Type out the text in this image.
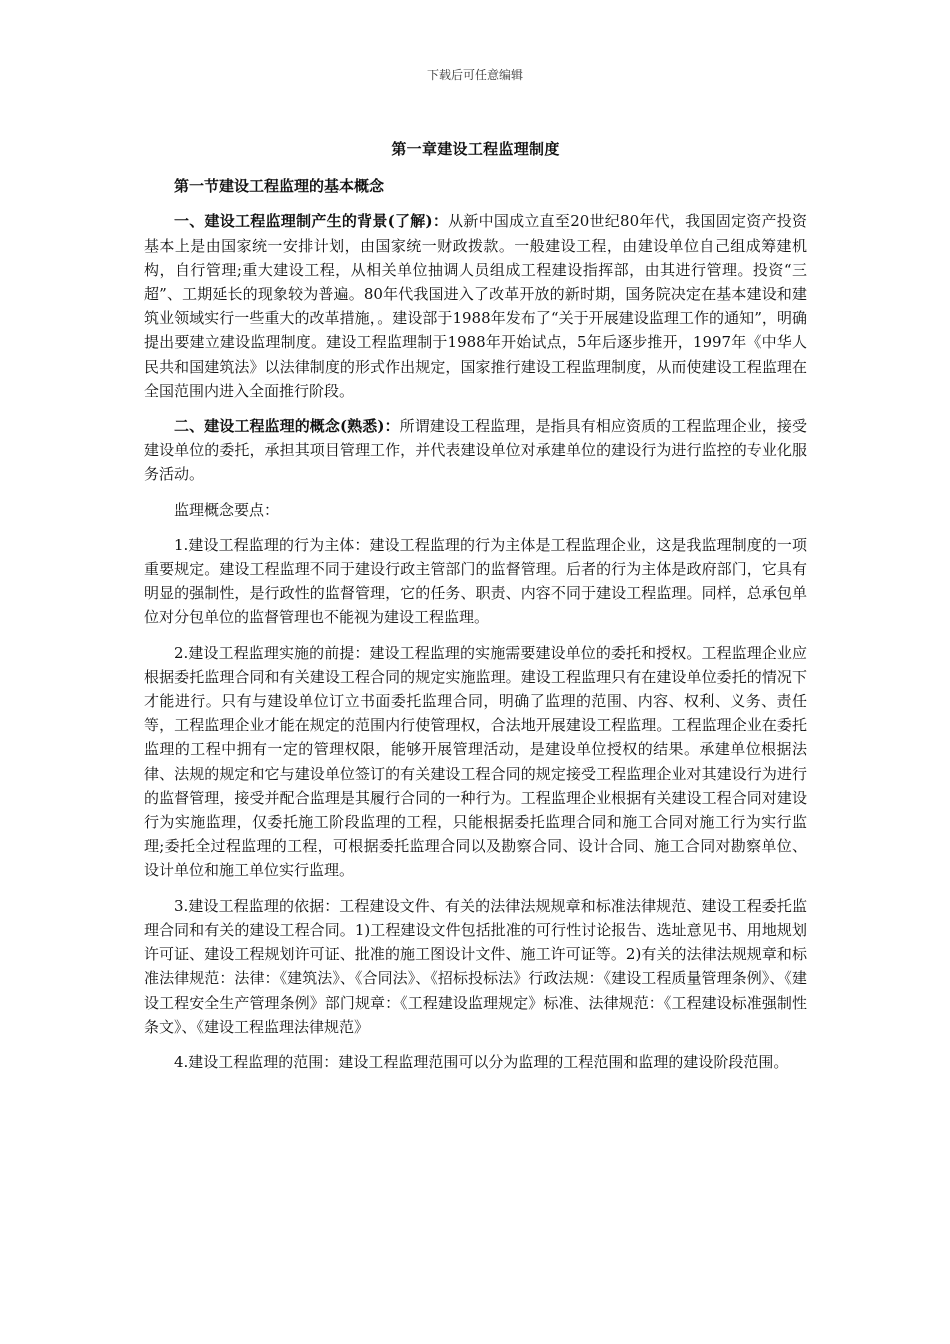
下载后可任意编辑
第一章建设工程监理制度
第一节建设工程监理的基本概念

一、建设工程监理制产生的背景(了解)：从新中国成立直至20世纪80年代，我国固定资产投资基本上是由国家统一安排计划，由国家统一财政拨款。一般建设工程，由建设单位自己组成筹建机构，自行管理;重大建设工程，从相关单位抽调人员组成工程建设指挥部，由其进行管理。投资“三超”、工期延长的现象较为普遍。80年代我国进入了改革开放的新时期，国务院决定在基本建设和建筑业领域实行一些重大的改革措施，。建设部于1988年发布了“关于开展建设监理工作的通知”，明确提出要建立建设监理制度。建设工程监理制于1988年开始试点，5年后逐步推开，1997年《中华人民共和国建筑法》以法律制度的形式作出规定，国家推行建设工程监理制度，从而使建设工程监理在全国范围内进入全面推行阶段。

二、建设工程监理的概念(熟悉)：所谓建设工程监理，是指具有相应资质的工程监理企业，接受建设单位的委托，承担其项目管理工作，并代表建设单位对承建单位的建设行为进行监控的专业化服务活动。

监理概念要点：

1.建设工程监理的行为主体：建设工程监理的行为主体是工程监理企业，这是我监理制度的一项重要规定。建设工程监理不同于建设行政主管部门的监督管理。后者的行为主体是政府部门，它具有明显的强制性，是行政性的监督管理，它的任务、职责、内容不同于建设工程监理。同样，总承包单位对分包单位的监督管理也不能视为建设工程监理。

2.建设工程监理实施的前提：建设工程监理的实施需要建设单位的委托和授权。工程监理企业应根据委托监理合同和有关建设工程合同的规定实施监理。建设工程监理只有在建设单位委托的情况下才能进行。只有与建设单位订立书面委托监理合同，明确了监理的范围、内容、权利、义务、责任等，工程监理企业才能在规定的范围内行使管理权，合法地开展建设工程监理。工程监理企业在委托监理的工程中拥有一定的管理权限，能够开展管理活动，是建设单位授权的结果。承建单位根据法律、法规的规定和它与建设单位签订的有关建设工程合同的规定接受工程监理企业对其建设行为进行的监督管理，接受并配合监理是其履行合同的一种行为。工程监理企业根据有关建设工程合同对建设行为实施监理，仅委托施工阶段监理的工程，只能根据委托监理合同和施工合同对施工行为实行监理;委托全过程监理的工程，可根据委托监理合同以及勘察合同、设计合同、施工合同对勘察单位、设计单位和施工单位实行监理。

3.建设工程监理的依据：工程建设文件、有关的法律法规规章和标准法律规范、建设工程委托监理合同和有关的建设工程合同。1)工程建设文件包括批准的可行性讨论报告、选址意见书、用地规划许可证、建设工程规划许可证、批准的施工图设计文件、施工许可证等。2)有关的法律法规规章和标准法律规范：法律：《建筑法》、《合同法》、《招标投标法》行政法规：《建设工程质量管理条例》、《建设工程安全生产管理条例》部门规章：《工程建设监理规定》标准、法律规范：《工程建设标准强制性条文》、《建设工程监理法律规范》

4.建设工程监理的范围：建设工程监理范围可以分为监理的工程范围和监理的建设阶段范围。
